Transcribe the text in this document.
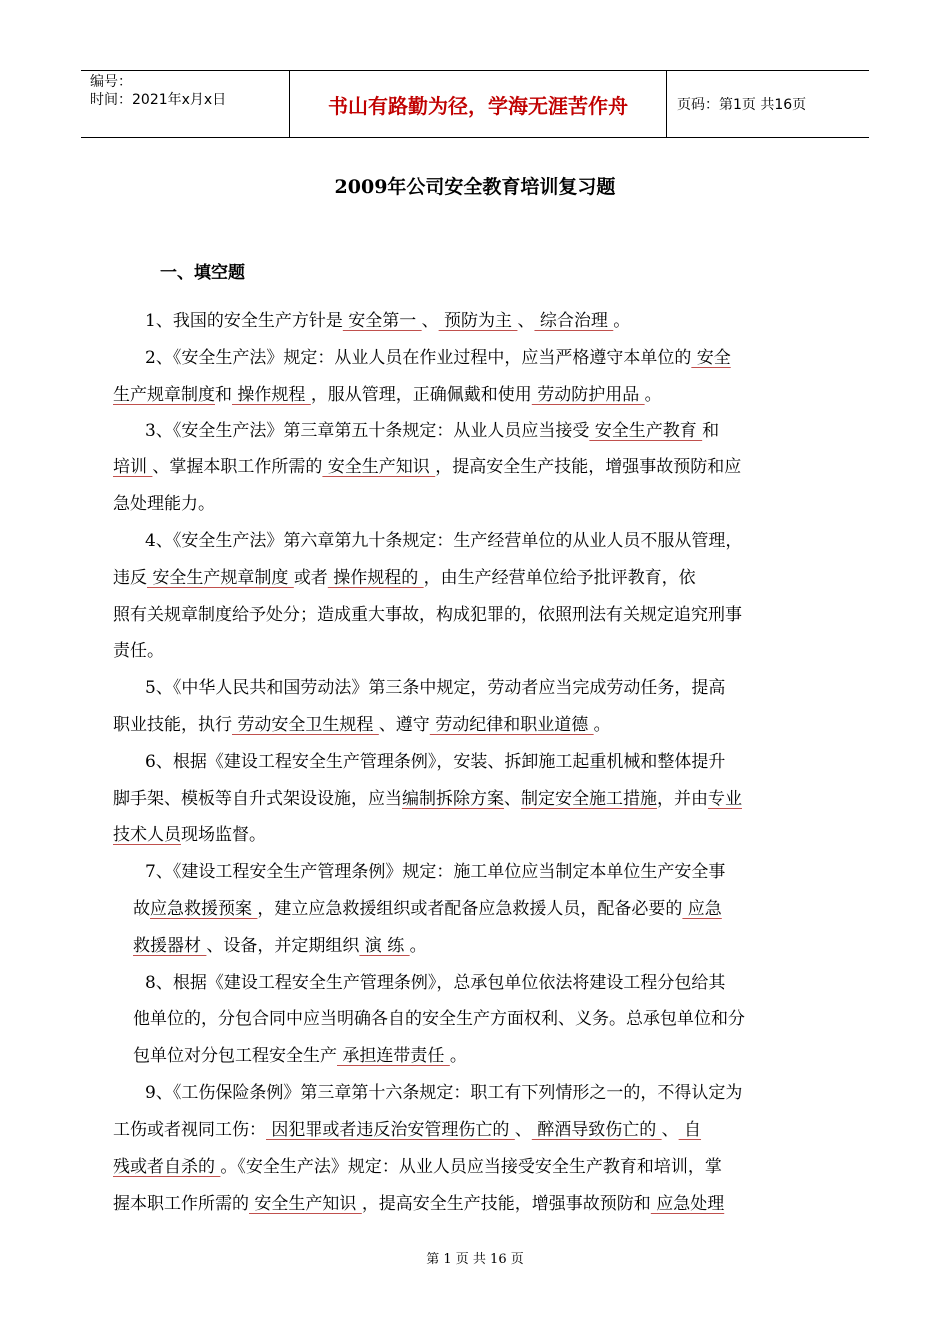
编号：
时间：2021年x月x日	书山有路勤为径，学海无涯苦作舟	页码：第1页 共16页
2009年公司安全教育培训复习题
一、填空题
1、我国的安全生产方针是 安全第一 、 预防为主 、 综合治理 。
2、《安全生产法》规定：从业人员在作业过程中，应当严格遵守本单位的 安全
生产规章制度和 操作规程 ，服从管理，正确佩戴和使用 劳动防护用品 。
3、《安全生产法》第三章第五十条规定：从业人员应当接受 安全生产教育 和
培训 、掌握本职工作所需的 安全生产知识 ，提高安全生产技能，增强事故预防和应
急处理能力。
4、《安全生产法》第六章第九十条规定：生产经营单位的从业人员不服从管理，
违反 安全生产规章制度 或者 操作规程的 ，由生产经营单位给予批评教育，依
照有关规章制度给予处分；造成重大事故，构成犯罪的，依照刑法有关规定追究刑事
责任。
5、《中华人民共和国劳动法》第三条中规定，劳动者应当完成劳动任务，提高
职业技能，执行 劳动安全卫生规程 、遵守 劳动纪律和职业道德 。
6、根据《建设工程安全生产管理条例》，安装、拆卸施工起重机械和整体提升
脚手架、模板等自升式架设设施，应当编制拆除方案、制定安全施工措施，并由专业
技术人员现场监督。
7、《建设工程安全生产管理条例》规定：施工单位应当制定本单位生产安全事
故应急救援预案 ，建立应急救援组织或者配备应急救援人员，配备必要的 应急
救援器材 、设备，并定期组织 演 练 。
8、根据《建设工程安全生产管理条例》，总承包单位依法将建设工程分包给其
他单位的，分包合同中应当明确各自的安全生产方面权利、义务。总承包单位和分
包单位对分包工程安全生产 承担连带责任 。
9、《工伤保险条例》第三章第十六条规定：职工有下列情形之一的，不得认定为
工伤或者视同工伤： 因犯罪或者违反治安管理伤亡的 、 醉酒导致伤亡的 、 自
残或者自杀的 。《安全生产法》规定：从业人员应当接受安全生产教育和培训，掌
握本职工作所需的 安全生产知识 ，提高安全生产技能，增强事故预防和 应急处理
第 1 页 共 16 页
